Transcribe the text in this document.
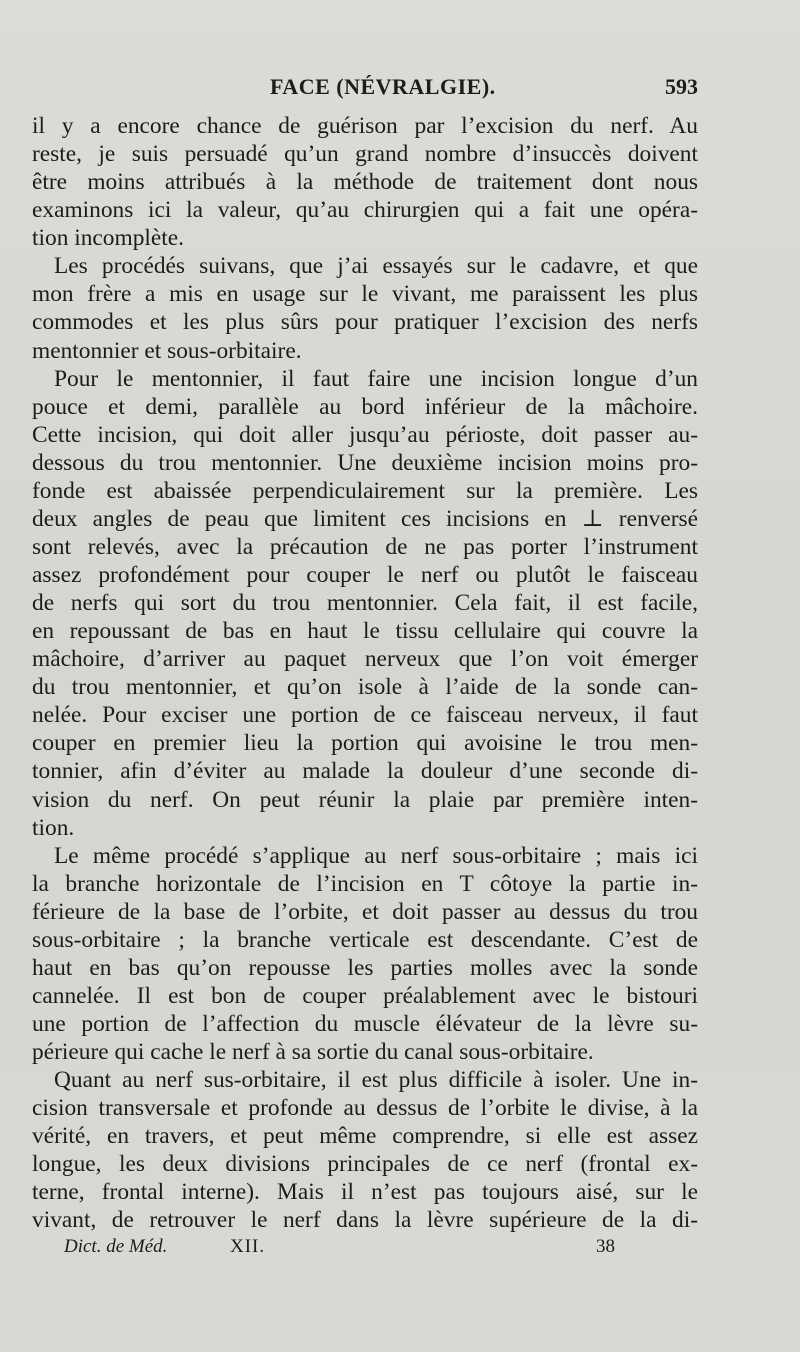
FACE (NÉVRALGIE).	593
il y a encore chance de guérison par l’excision du nerf. Au
reste, je suis persuadé qu’un grand nombre d’insuccès doivent
être moins attribués à la méthode de traitement dont nous
examinons ici la valeur, qu’au chirurgien qui a fait une opéra-
tion incomplète.
Les procédés suivans, que j’ai essayés sur le cadavre, et que
mon frère a mis en usage sur le vivant, me paraissent les plus
commodes et les plus sûrs pour pratiquer l’excision des nerfs
mentonnier et sous-orbitaire.
Pour le mentonnier, il faut faire une incision longue d’un
pouce et demi, parallèle au bord inférieur de la mâchoire.
Cette incision, qui doit aller jusqu’au périoste, doit passer au-
dessous du trou mentonnier. Une deuxième incision moins pro-
fonde est abaissée perpendiculairement sur la première. Les
deux angles de peau que limitent ces incisions en ⊥ renversé
sont relevés, avec la précaution de ne pas porter l’instrument
assez profondément pour couper le nerf ou plutôt le faisceau
de nerfs qui sort du trou mentonnier. Cela fait, il est facile,
en repoussant de bas en haut le tissu cellulaire qui couvre la
mâchoire, d’arriver au paquet nerveux que l’on voit émerger
du trou mentonnier, et qu’on isole à l’aide de la sonde can-
nelée. Pour exciser une portion de ce faisceau nerveux, il faut
couper en premier lieu la portion qui avoisine le trou men-
tonnier, afin d’éviter au malade la douleur d’une seconde di-
vision du nerf. On peut réunir la plaie par première inten-
tion.
Le même procédé s’applique au nerf sous-orbitaire ; mais ici
la branche horizontale de l’incision en T côtoye la partie in-
férieure de la base de l’orbite, et doit passer au dessus du trou
sous-orbitaire ; la branche verticale est descendante. C’est de
haut en bas qu’on repousse les parties molles avec la sonde
cannelée. Il est bon de couper préalablement avec le bistouri
une portion de l’affection du muscle élévateur de la lèvre su-
périeure qui cache le nerf à sa sortie du canal sous-orbitaire.
Quant au nerf sus-orbitaire, il est plus difficile à isoler. Une in-
cision transversale et profonde au dessus de l’orbite le divise, à la
vérité, en travers, et peut même comprendre, si elle est assez
longue, les deux divisions principales de ce nerf (frontal ex-
terne, frontal interne). Mais il n’est pas toujours aisé, sur le
vivant, de retrouver le nerf dans la lèvre supérieure de la di-
Dict. de Méd.	XII.	38
